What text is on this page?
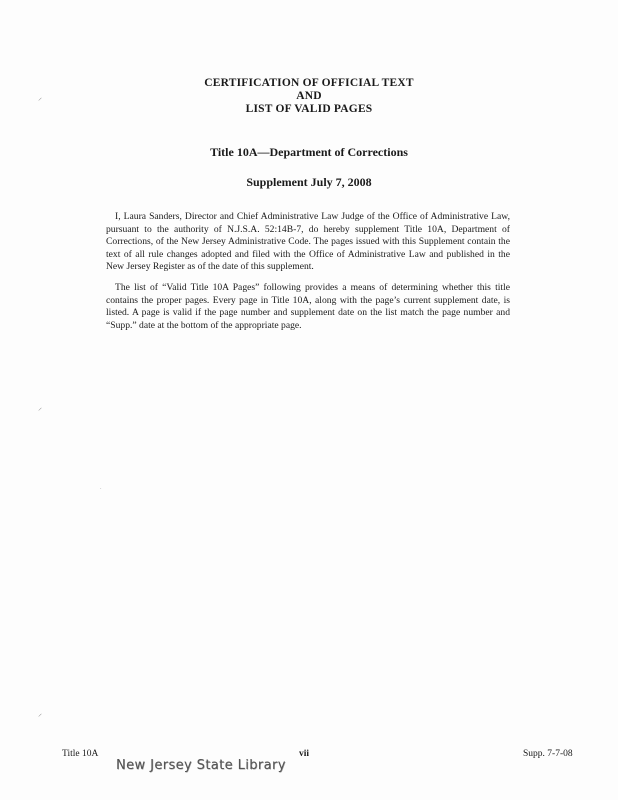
CERTIFICATION OF OFFICIAL TEXT
AND
LIST OF VALID PAGES
Title 10A—Department of Corrections
Supplement July 7, 2008

I, Laura Sanders, Director and Chief Administrative Law Judge of the Office of Administrative Law, pursuant to the authority of N.J.S.A. 52:14B-7, do hereby supplement Title 10A, Department of Corrections, of the New Jersey Administrative Code. The pages issued with this Supplement contain the text of all rule changes adopted and filed with the Office of Administrative Law and published in the New Jersey Register as of the date of this supplement.

The list of “Valid Title 10A Pages” following provides a means of determining whether this title contains the proper pages. Every page in Title 10A, along with the page’s current supplement date, is listed. A page is valid if the page number and supplement date on the list match the page number and “Supp.” date at the bottom of the appropriate page.

Title 10A	vii	Supp. 7-7-08
New Jersey State Library
⸝
⸝
⸝
·
